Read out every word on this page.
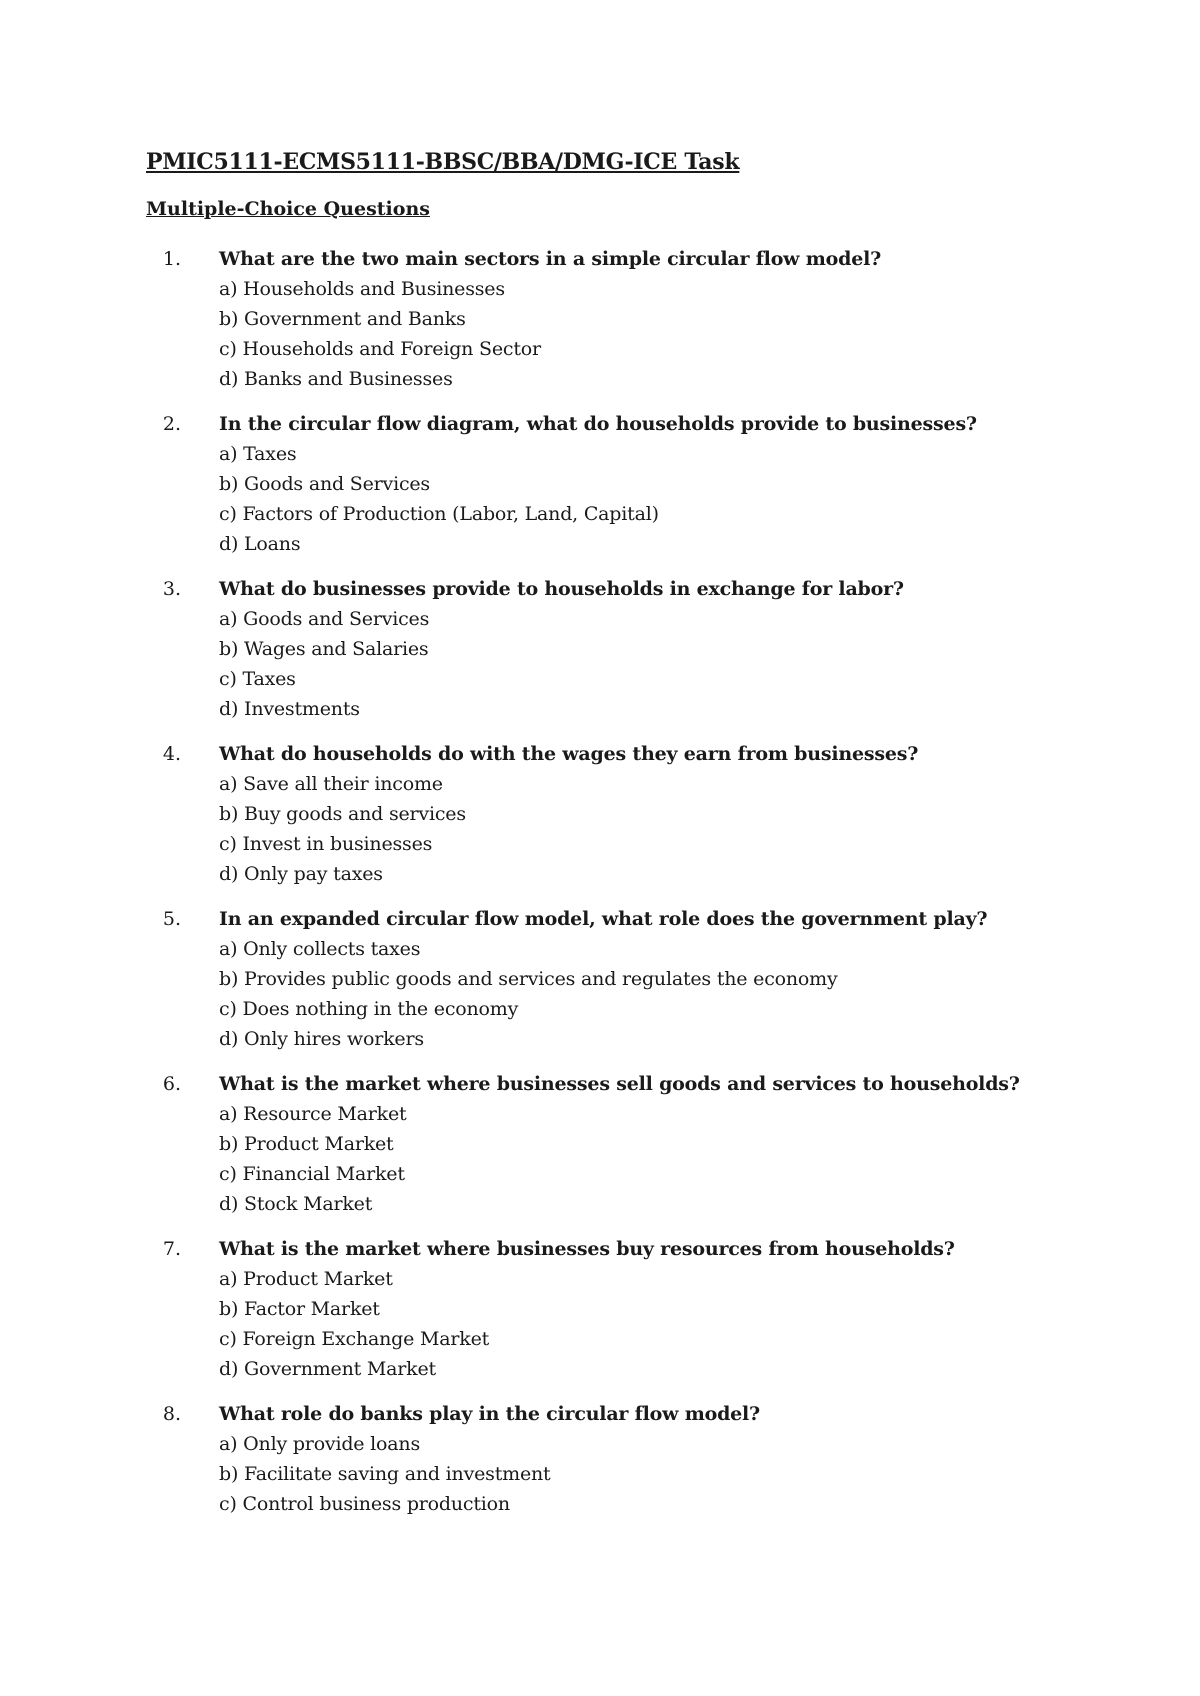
PMIC5111-ECMS5111-BBSC/BBA/DMG-ICE Task
Multiple-Choice Questions
1. What are the two main sectors in a simple circular flow model?
a) Households and Businesses
b) Government and Banks
c) Households and Foreign Sector
d) Banks and Businesses
2. In the circular flow diagram, what do households provide to businesses?
a) Taxes
b) Goods and Services
c) Factors of Production (Labor, Land, Capital)
d) Loans
3. What do businesses provide to households in exchange for labor?
a) Goods and Services
b) Wages and Salaries
c) Taxes
d) Investments
4. What do households do with the wages they earn from businesses?
a) Save all their income
b) Buy goods and services
c) Invest in businesses
d) Only pay taxes
5. In an expanded circular flow model, what role does the government play?
a) Only collects taxes
b) Provides public goods and services and regulates the economy
c) Does nothing in the economy
d) Only hires workers
6. What is the market where businesses sell goods and services to households?
a) Resource Market
b) Product Market
c) Financial Market
d) Stock Market
7. What is the market where businesses buy resources from households?
a) Product Market
b) Factor Market
c) Foreign Exchange Market
d) Government Market
8. What role do banks play in the circular flow model?
a) Only provide loans
b) Facilitate saving and investment
c) Control business production
